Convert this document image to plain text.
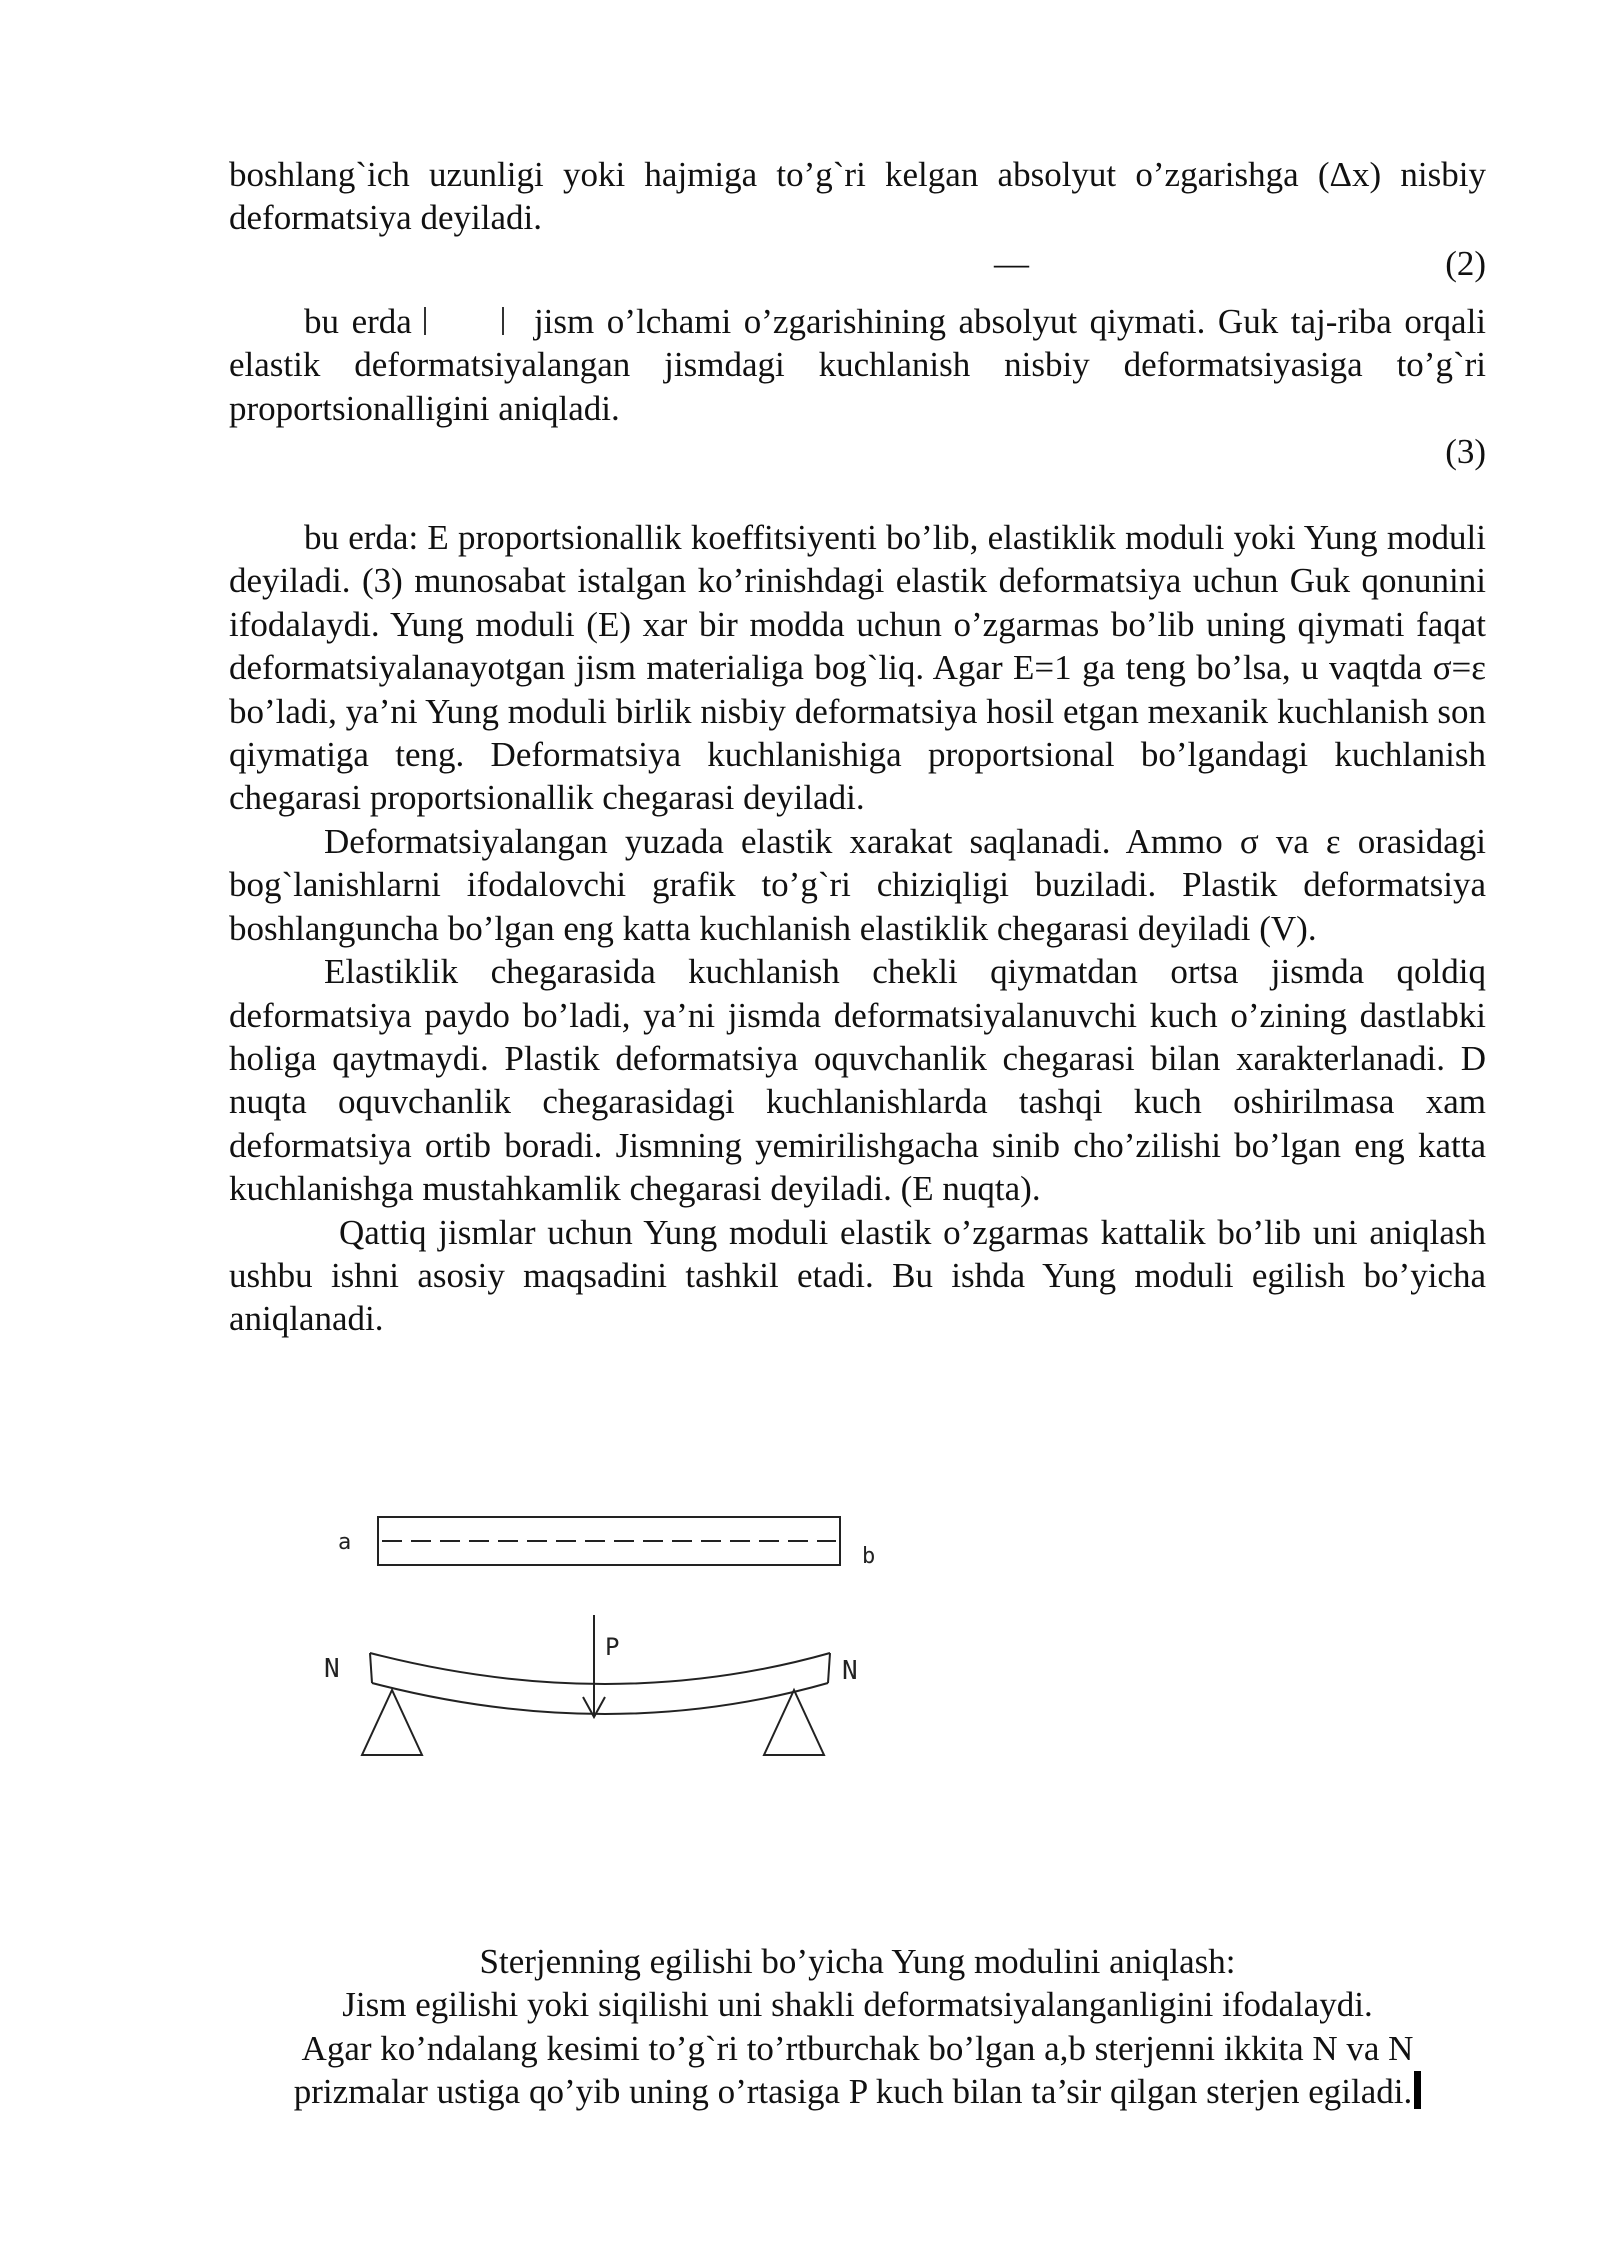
boshlang`ich uzunligi yoki hajmiga to’g`ri kelgan absolyut o’zgarishga (Δx) nisbiy deformatsiya deyiladi.

—	(2)

bu erda	jism o’lchami o’zgarishining absolyut qiymati. Guk taj-riba orqali elastik deformatsiyalangan jismdagi kuchlanish nisbiy deformatsiyasiga to’g`ri proportsionalligini aniqladi.

(3)

bu erda: E proportsionallik koeffitsiyenti bo’lib, elastiklik moduli yoki Yung moduli deyiladi. (3) munosabat istalgan ko’rinishdagi elastik deformatsiya uchun Guk qonunini ifodalaydi. Yung moduli (E) xar bir modda uchun o’zgarmas bo’lib uning qiymati faqat deformatsiyalanayotgan jism materialiga bog`liq. Agar E=1 ga teng bo’lsa, u vaqtda σ=ε bo’ladi, ya’ni Yung moduli birlik nisbiy deformatsiya hosil etgan mexanik kuchlanish son qiymatiga teng. Deformatsiya kuchlanishiga proportsional bo’lgandagi kuchlanish chegarasi proportsionallik chegarasi deyiladi.

Deformatsiyalangan yuzada elastik xarakat saqlanadi. Ammo σ va ε orasidagi bog`lanishlarni ifodalovchi grafik to’g`ri chiziqligi buziladi. Plastik deformatsiya boshlanguncha bo’lgan eng katta kuchlanish elastiklik chegarasi deyiladi (V).

Elastiklik chegarasida kuchlanish chekli qiymatdan ortsa jismda qoldiq deformatsiya paydo bo’ladi, ya’ni jismda deformatsiyalanuvchi kuch o’zining dastlabki holiga qaytmaydi. Plastik deformatsiya oquvchanlik chegarasi bilan xarakterlanadi. D nuqta oquvchanlik chegarasidagi kuchlanishlarda tashqi kuch oshirilmasa xam deformatsiya ortib boradi. Jismning yemirilishgacha sinib cho’zilishi bo’lgan eng katta kuchlanishga mustahkamlik chegarasi deyiladi. (E nuqta).

Qattiq jismlar uchun Yung moduli elastik o’zgarmas kattalik bo’lib uni aniqlash ushbu ishni asosiy maqsadini tashkil etadi. Bu ishda Yung moduli egilish bo’yicha aniqlanadi.

a
b
P
N	N
Sterjenning egilishi bo’yicha Yung modulini aniqlash:
Jism egilishi yoki siqilishi uni shakli deformatsiyalanganligini ifodalaydi.
Agar ko’ndalang kesimi to’g`ri to’rtburchak bo’lgan a,b sterjenni ikkita N va N
prizmalar ustiga qo’yib uning o’rtasiga P kuch bilan ta’sir qilgan sterjen egiladi.
